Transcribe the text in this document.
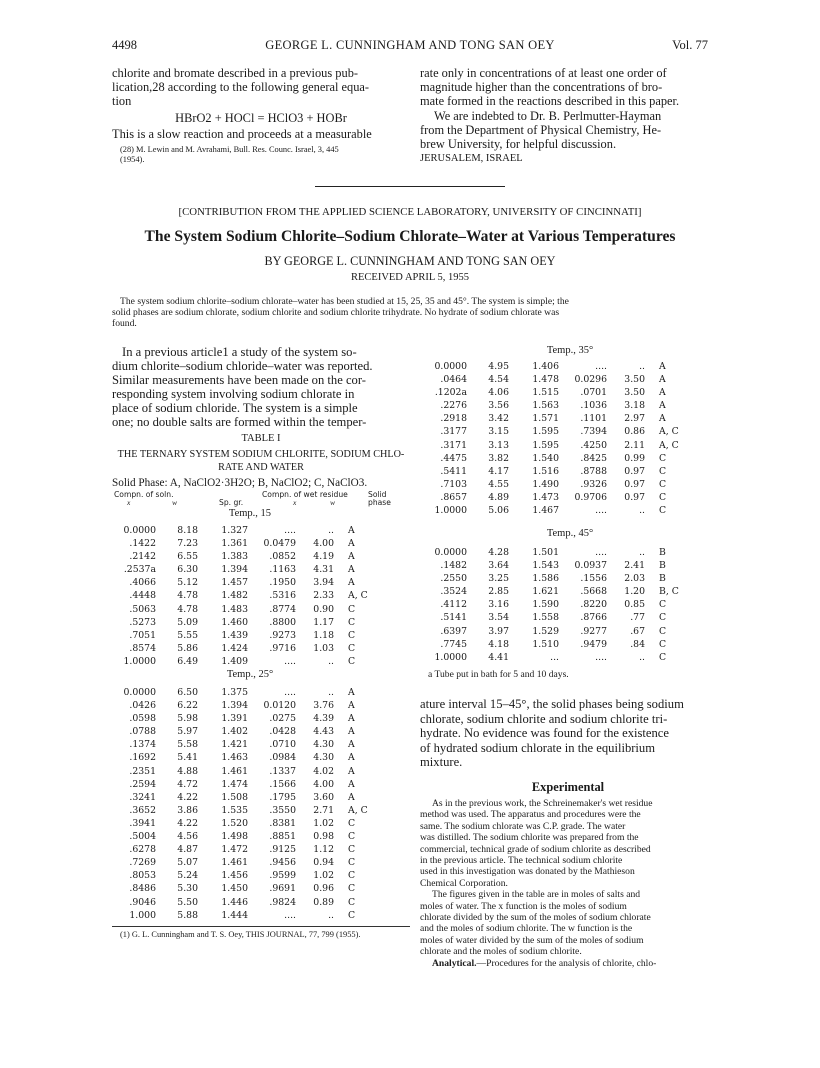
4498	GEORGE L. CUNNINGHAM AND TONG SAN OEY	Vol. 77
chlorite and bromate described in a previous pub-
lication,28 according to the following general equa-
tion
HBrO2 + HOCl = HClO3 + HOBr
This is a slow reaction and proceeds at a measurable
(28) M. Lewin and M. Avrahami, Bull. Res. Counc. Israel, 3, 445
(1954).
rate only in concentrations of at least one order of
magnitude higher than the concentrations of bro-
mate formed in the reactions described in this paper.
We are indebted to Dr. B. Perlmutter-Hayman
from the Department of Physical Chemistry, He-
brew University, for helpful discussion.
JERUSALEM, ISRAEL
[CONTRIBUTION FROM THE APPLIED SCIENCE LABORATORY, UNIVERSITY OF CINCINNATI]
The System Sodium Chlorite–Sodium Chlorate–Water at Various Temperatures
BY GEORGE L. CUNNINGHAM AND TONG SAN OEY
RECEIVED APRIL 5, 1955
The system sodium chlorite–sodium chlorate–water has been studied at 15, 25, 35 and 45°. The system is simple; the
solid phases are sodium chlorate, sodium chlorite and sodium chlorite trihydrate. No hydrate of sodium chlorate was
found.
In a previous article1 a study of the system so-
dium chlorite–sodium chloride–water was reported.
Similar measurements have been made on the cor-
responding system involving sodium chlorate in
place of sodium chloride. The system is a simple
one; no double salts are formed within the temper-
TABLE I
THE TERNARY SYSTEM SODIUM CHLORITE, SODIUM CHLO-
RATE AND WATER
Solid Phase: A, NaClO2·3H2O; B, NaClO2; C, NaClO3.
Compn. of soln.
x	w	Sp. gr.
Compn. of wet residue
x	w
Solid
phase
Temp., 15
0.0000	8.18	1.327	....	..	A
.1422	7.23	1.361	0.0479	4.00	A
.2142	6.55	1.383	.0852	4.19	A
.2537a	6.30	1.394	.1163	4.31	A
.4066	5.12	1.457	.1950	3.94	A
.4448	4.78	1.482	.5316	2.33	A, C
.5063	4.78	1.483	.8774	0.90	C
.5273	5.09	1.460	.8800	1.17	C
.7051	5.55	1.439	.9273	1.18	C
.8574	5.86	1.424	.9716	1.03	C
1.0000	6.49	1.409	....	..	C
Temp., 25°
0.0000	6.50	1.375	....	..	A
.0426	6.22	1.394	0.0120	3.76	A
.0598	5.98	1.391	.0275	4.39	A
.0788	5.97	1.402	.0428	4.43	A
.1374	5.58	1.421	.0710	4.30	A
.1692	5.41	1.463	.0984	4.30	A
.2351	4.88	1.461	.1337	4.02	A
.2594	4.72	1.474	.1566	4.00	A
.3241	4.22	1.508	.1795	3.60	A
.3652	3.86	1.535	.3550	2.71	A, C
.3941	4.22	1.520	.8381	1.02	C
.5004	4.56	1.498	.8851	0.98	C
.6278	4.87	1.472	.9125	1.12	C
.7269	5.07	1.461	.9456	0.94	C
.8053	5.24	1.456	.9599	1.02	C
.8486	5.30	1.450	.9691	0.96	C
.9046	5.50	1.446	.9824	0.89	C
1.000	5.88	1.444	....	..	C
(1) G. L. Cunningham and T. S. Oey, THIS JOURNAL, 77, 799 (1955).
Temp., 35°
0.0000	4.95	1.406	....	..	A
.0464	4.54	1.478	0.0296	3.50	A
.1202a	4.06	1.515	.0701	3.50	A
.2276	3.56	1.563	.1036	3.18	A
.2918	3.42	1.571	.1101	2.97	A
.3177	3.15	1.595	.7394	0.86	A, C
.3171	3.13	1.595	.4250	2.11	A, C
.4475	3.82	1.540	.8425	0.99	C
.5411	4.17	1.516	.8788	0.97	C
.7103	4.55	1.490	.9326	0.97	C
.8657	4.89	1.473	0.9706	0.97	C
1.0000	5.06	1.467	....	..	C
Temp., 45°
0.0000	4.28	1.501	....	..	B
.1482	3.64	1.543	0.0937	2.41	B
.2550	3.25	1.586	.1556	2.03	B
.3524	2.85	1.621	.5668	1.20	B, C
.4112	3.16	1.590	.8220	0.85	C
.5141	3.54	1.558	.8766	.77	C
.6397	3.97	1.529	.9277	.67	C
.7745	4.18	1.510	.9479	.84	C
1.0000	4.41	...	....	..	C
a Tube put in bath for 5 and 10 days.
ature interval 15–45°, the solid phases being sodium
chlorate, sodium chlorite and sodium chlorite tri-
hydrate. No evidence was found for the existence
of hydrated sodium chlorate in the equilibrium
mixture.
Experimental
As in the previous work, the Schreinemaker's wet residue
method was used. The apparatus and procedures were the
same. The sodium chlorate was C.P. grade. The water
was distilled. The sodium chlorite was prepared from the
commercial, technical grade of sodium chlorite as described
in the previous article. The technical sodium chlorite
used in this investigation was donated by the Mathieson
Chemical Corporation.
The figures given in the table are in moles of salts and
moles of water. The x function is the moles of sodium
chlorate divided by the sum of the moles of sodium chlorate
and the moles of sodium chlorite. The w function is the
moles of water divided by the sum of the moles of sodium
chlorate and the moles of sodium chlorite.
Analytical.—Procedures for the analysis of chlorite, chlo-
